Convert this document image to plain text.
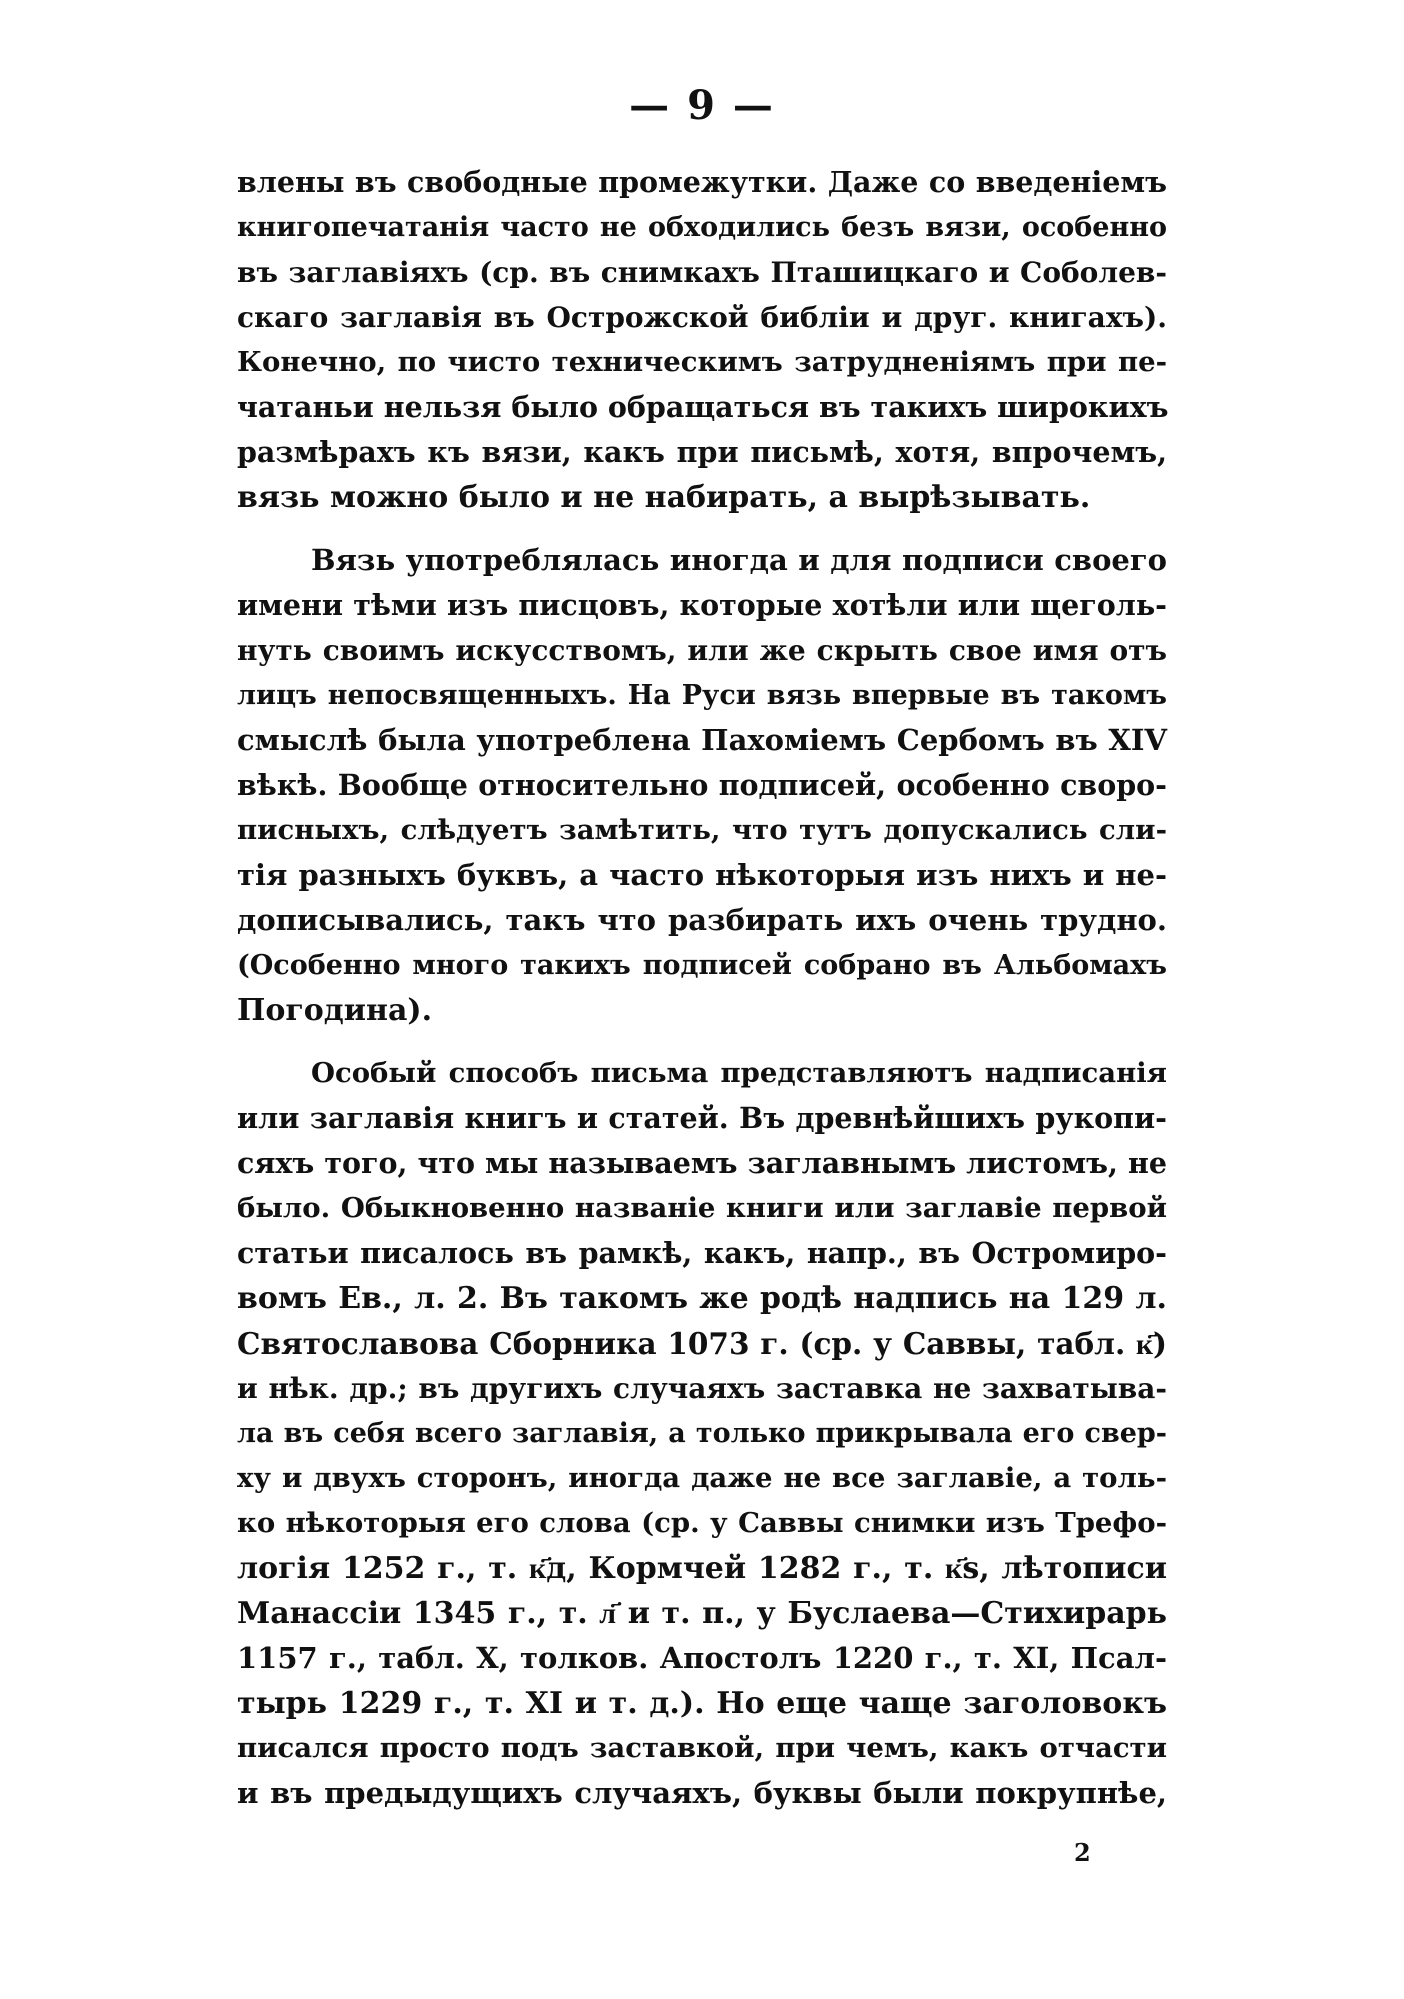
— 9 —
влены въ свободные промежутки. Даже со введеніемъ
книгопечатанія часто не обходились безъ вязи, особенно
въ заглавіяхъ (ср. въ снимкахъ Пташицкаго и Соболев-
скаго заглавія въ Острожской библіи и друг. книгахъ).
Конечно, по чисто техническимъ затрудненіямъ при пе-
чатаньи нельзя было обращаться въ такихъ широкихъ
размѣрахъ къ вязи, какъ при письмѣ, хотя, впрочемъ,
вязь можно было и не набирать, а вырѣзывать.
Вязь употреблялась иногда и для подписи своего
имени тѣми изъ писцовъ, которые хотѣли или щеголь-
нуть своимъ искусствомъ, или же скрыть свое имя отъ
лицъ непосвященныхъ. На Руси вязь впервые въ такомъ
смыслѣ была употреблена Пахоміемъ Сербомъ въ XIV
вѣкѣ. Вообще относительно подписей, особенно своро-
писныхъ, слѣдуетъ замѣтить, что тутъ допускались сли-
тія разныхъ буквъ, а часто нѣкоторыя изъ нихъ и не-
дописывались, такъ что разбирать ихъ очень трудно.
(Особенно много такихъ подписей собрано въ Альбомахъ
Погодина).
Особый способъ письма представляютъ надписанія
или заглавія книгъ и статей. Въ древнѣйшихъ рукопи-
сяхъ того, что мы называемъ заглавнымъ листомъ, не
было. Обыкновенно названіе книги или заглавіе первой
статьи писалось въ рамкѣ, какъ, напр., въ Остромиро-
вомъ Ев., л. 2. Въ такомъ же родѣ надпись на 129 л.
Святославова Сборника 1073 г. (ср. у Саввы, табл. к҃)
и нѣк. др.; въ другихъ случаяхъ заставка не захватыва-
ла въ себя всего заглавія, а только прикрывала его свер-
ху и двухъ сторонъ, иногда даже не все заглавіе, а толь-
ко нѣкоторыя его слова (ср. у Саввы снимки изъ Трефо-
логія 1252 г., т. к҃д, Кормчей 1282 г., т. к҃ѕ, лѣтописи
Манассіи 1345 г., т. л҃ и т. п., у Буслаева—Стихирарь
1157 г., табл. X, толков. Апостолъ 1220 г., т. XI, Псал-
тырь 1229 г., т. XI и т. д.). Но еще чаще заголовокъ
писался просто подъ заставкой, при чемъ, какъ отчасти
и въ предыдущихъ случаяхъ, буквы были покрупнѣе,
2
